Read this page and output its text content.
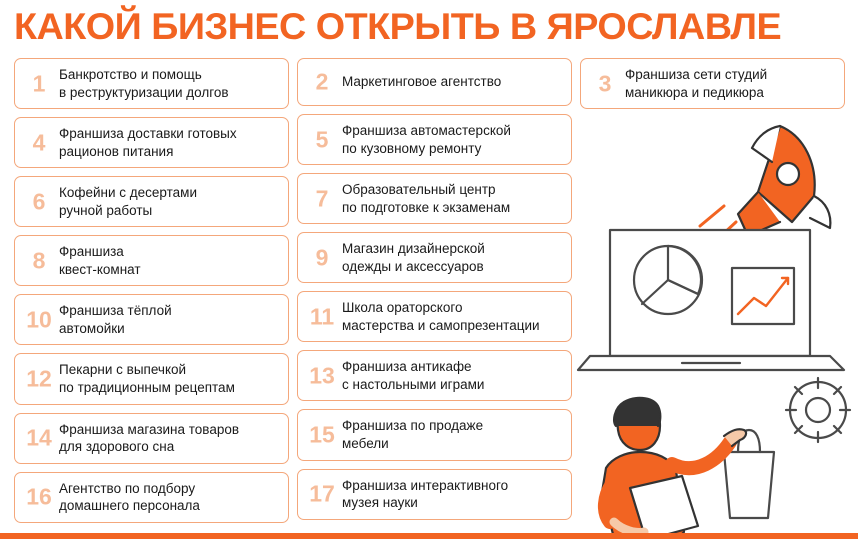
КАКОЙ БИЗНЕС ОТКРЫТЬ В ЯРОСЛАВЛЕ
1	Банкротство и помощь
в реструктуризации долгов
4	Франшиза доставки готовых
рационов питания
6	Кофейни с десертами
ручной работы
8	Франшиза
квест-комнат
10 Франшиза тёплой
автомойки
12 Пекарни с выпечкой
по традиционным рецептам
14 Франшиза магазина товаров
для здорового сна
16 Агентство по подбору
домашнего персонала
2	Маркетинговое агентство
5	Франшиза автомастерской
по кузовному ремонту
7	Образовательный центр
по подготовке к экзаменам
9	Магазин дизайнерской
одежды и аксессуаров
11 Школа ораторского
мастерства и самопрезентации
13 Франшиза антикафе
с настольными играми
15 Франшиза по продаже
мебели
17 Франшиза интерактивного
музея науки
3	Франшиза сети студий
маникюра и педикюра
